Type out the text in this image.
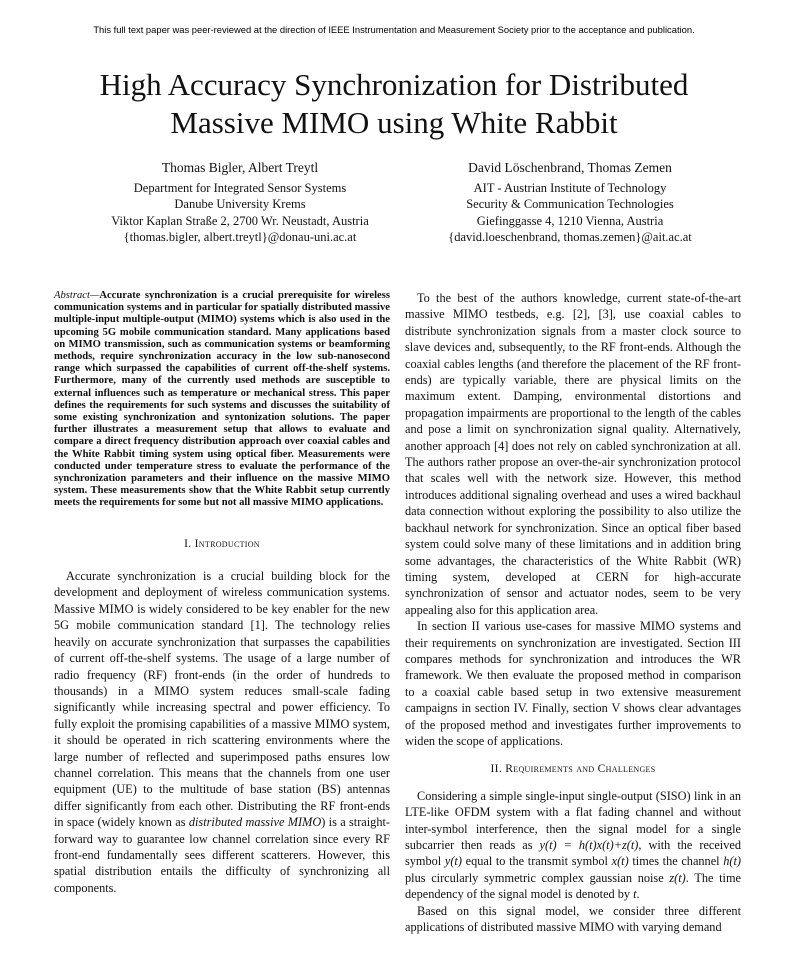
This full text paper was peer-reviewed at the direction of IEEE Instrumentation and Measurement Society prior to the acceptance and publication.
High Accuracy Synchronization for Distributed
Massive MIMO using White Rabbit
Thomas Bigler, Albert Treytl
Department for Integrated Sensor Systems
Danube University Krems
Viktor Kaplan Straße 2, 2700 Wr. Neustadt, Austria
{thomas.bigler, albert.treytl}@donau-uni.ac.at
David Löschenbrand, Thomas Zemen
AIT - Austrian Institute of Technology
Security & Communication Technologies
Giefinggasse 4, 1210 Vienna, Austria
{david.loeschenbrand, thomas.zemen}@ait.ac.at

Abstract—Accurate synchronization is a crucial prerequisite for wireless communication systems and in particular for spatially distributed massive multiple-input multiple-output (MIMO) systems which is also used in the upcoming 5G mobile communication standard. Many applications based on MIMO transmission, such as communication systems or beamforming methods, require synchronization accuracy in the low sub-nanosecond range which surpassed the capabilities of current off-the-shelf systems. Furthermore, many of the currently used methods are susceptible to external influences such as temperature or mechanical stress. This paper defines the requirements for such systems and discusses the suitability of some existing synchronization and syntonization solutions. The paper further illustrates a measurement setup that allows to evaluate and compare a direct frequency distribution approach over coaxial cables and the White Rabbit timing system using optical fiber. Measurements were conducted under temperature stress to evaluate the performance of the synchronization parameters and their influence on the massive MIMO system. These measurements show that the White Rabbit setup currently meets the requirements for some but not all massive MIMO applications.

I. Introduction

Accurate synchronization is a crucial building block for the development and deployment of wireless communication systems. Massive MIMO is widely considered to be key enabler for the new 5G mobile communication standard [1]. The technology relies heavily on accurate synchronization that surpasses the capabilities of current off-the-shelf systems. The usage of a large number of radio frequency (RF) front-ends (in the order of hundreds to thousands) in a MIMO system reduces small-scale fading significantly while increasing spectral and power efficiency. To fully exploit the promising capabilities of a massive MIMO system, it should be operated in rich scattering environments where the large number of reflected and superimposed paths ensures low channel correlation. This means that the channels from one user equipment (UE) to the multitude of base station (BS) antennas differ significantly from each other. Distributing the RF front-ends in space (widely known as distributed massive MIMO) is a straight-forward way to guarantee low channel correlation since every RF front-end fundamentally sees different scatterers. However, this spatial distribution entails the difficulty of synchronizing all components.

To the best of the authors knowledge, current state-of-the-art massive MIMO testbeds, e.g. [2], [3], use coaxial cables to distribute synchronization signals from a master clock source to slave devices and, subsequently, to the RF front-ends. Although the coaxial cables lengths (and therefore the placement of the RF front-ends) are typically variable, there are physical limits on the maximum extent. Damping, environmental distortions and propagation impairments are proportional to the length of the cables and pose a limit on synchronization signal quality. Alternatively, another approach [4] does not rely on cabled synchronization at all. The authors rather propose an over-the-air synchronization protocol that scales well with the network size. However, this method introduces additional signaling overhead and uses a wired backhaul data connection without exploring the possibility to also utilize the backhaul network for synchronization. Since an optical fiber based system could solve many of these limitations and in addition bring some advantages, the characteristics of the White Rabbit (WR) timing system, developed at CERN for high-accurate synchronization of sensor and actuator nodes, seem to be very appealing also for this application area.

In section II various use-cases for massive MIMO systems and their requirements on synchronization are investigated. Section III compares methods for synchronization and introduces the WR framework. We then evaluate the proposed method in comparison to a coaxial cable based setup in two extensive measurement campaigns in section IV. Finally, section V shows clear advantages of the proposed method and investigates further improvements to widen the scope of applications.

II. Requirements and Challenges

Considering a simple single-input single-output (SISO) link in an LTE-like OFDM system with a flat fading channel and without inter-symbol interference, then the signal model for a single subcarrier then reads as y(t) = h(t)x(t)+z(t), with the received symbol y(t) equal to the transmit symbol x(t) times the channel h(t) plus circularly symmetric complex gaussian noise z(t). The time dependency of the signal model is denoted by t.

Based on this signal model, we consider three different applications of distributed massive MIMO with varying demand
